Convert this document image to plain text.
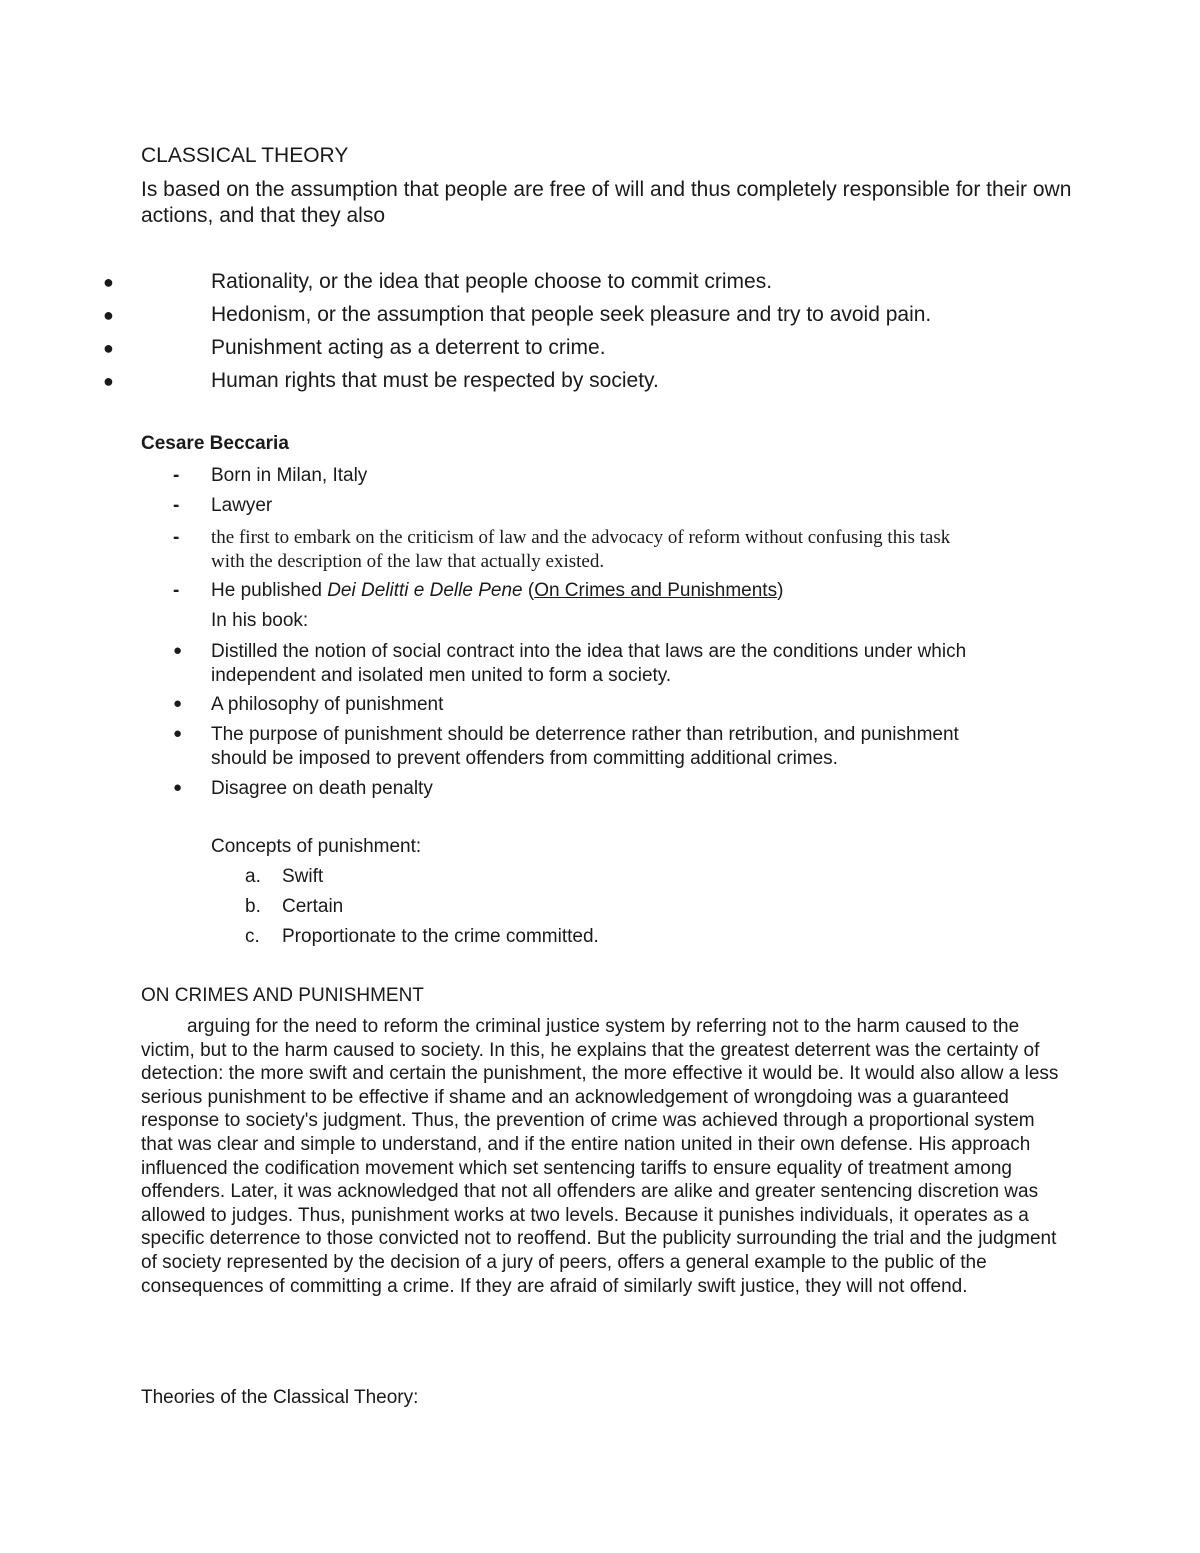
CLASSICAL THEORY

Is based on the assumption that people are free of will and thus completely responsible for their own actions, and that they also

●	Rationality, or the idea that people choose to commit crimes.
●	Hedonism, or the assumption that people seek pleasure and try to avoid pain.
●	Punishment acting as a deterrent to crime.
●	Human rights that must be respected by society.

Cesare Beccaria

- Born in Milan, Italy
- Lawyer
- the first to embark on the criticism of law and the advocacy of reform without confusing this task

with the description of the law that actually existed.

- He published Dei Delitti e Delle Pene (On Crimes and Punishments)

In his book:

● Distilled the notion of social contract into the idea that laws are the conditions under which
independent and isolated men united to form a society.
● A philosophy of punishment
● The purpose of punishment should be deterrence rather than retribution, and punishment
should be imposed to prevent offenders from committing additional crimes.
● Disagree on death penalty

Concepts of punishment:

a. Swift
b. Certain
c. Proportionate to the crime committed.

ON CRIMES AND PUNISHMENT

arguing for the need to reform the criminal justice system by referring not to the harm caused to the victim, but to the harm caused to society. In this, he explains that the greatest deterrent was the certainty of detection: the more swift and certain the punishment, the more effective it would be. It would also allow a less serious punishment to be effective if shame and an acknowledgement of wrongdoing was a guaranteed response to society's judgment. Thus, the prevention of crime was achieved through a proportional system that was clear and simple to understand, and if the entire nation united in their own defense. His approach influenced the codification movement which set sentencing tariffs to ensure equality of treatment among offenders. Later, it was acknowledged that not all offenders are alike and greater sentencing discretion was allowed to judges. Thus, punishment works at two levels. Because it punishes individuals, it operates as a specific deterrence to those convicted not to reoffend. But the publicity surrounding the trial and the judgment of society represented by the decision of a jury of peers, offers a general example to the public of the consequences of committing a crime. If they are afraid of similarly swift justice, they will not offend.

Theories of the Classical Theory:
